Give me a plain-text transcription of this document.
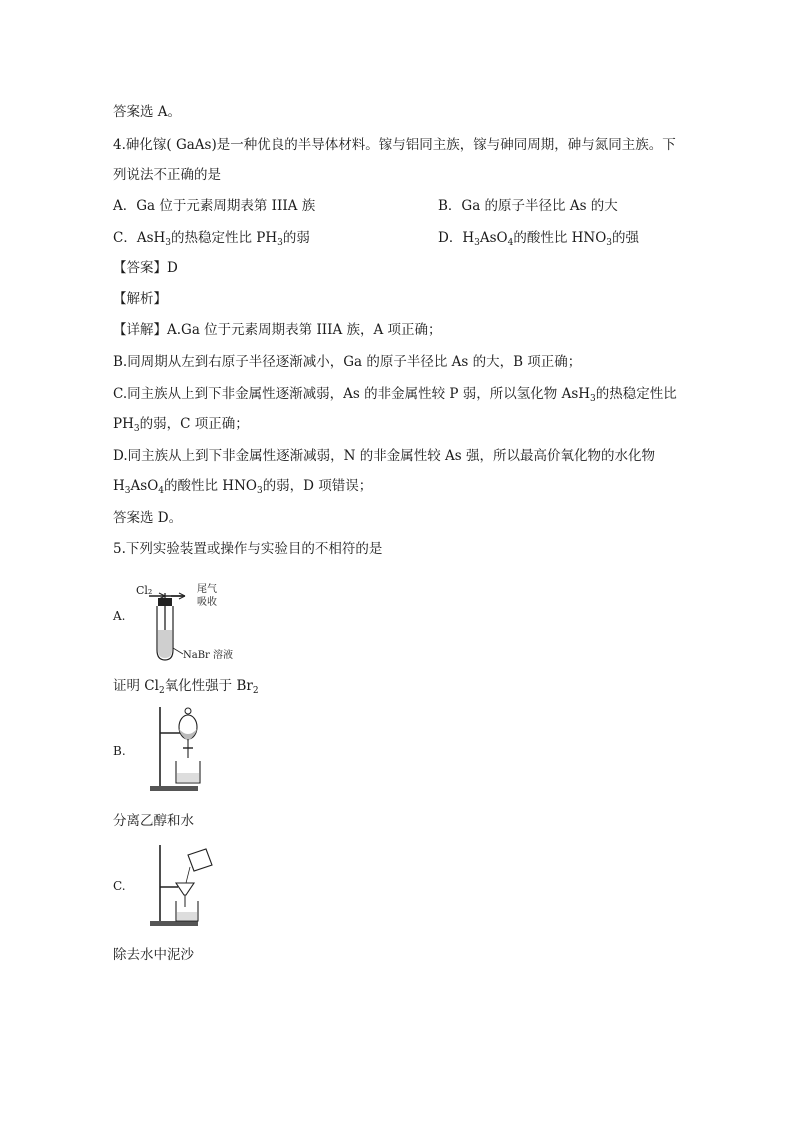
答案选 A。
4.砷化镓( GaAs)是一种优良的半导体材料。镓与铝同主族，镓与砷同周期，砷与氮同主族。下
列说法不正确的是
A．Ga 位于元素周期表第 IIIA 族	B．Ga 的原子半径比 As 的大
C．AsH$_3$的热稳定性比 $PH_3$的弱	D．$H_3AsO_4$的酸性比 $HNO_3$的强
【答案】D
【解析】
【详解】A.Ga 位于元素周期表第 IIIA 族，A 项正确；
B.同周期从左到右原子半径逐渐减小，Ga 的原子半径比 As 的大，B 项正确；
C.同主族从上到下非金属性逐渐减弱，As 的非金属性较 P 弱，所以氢化物 AsH$_3$的热稳定性比
$PH_3$的弱，C 项正确；
D.同主族从上到下非金属性逐渐减弱，N 的非金属性较 As 强，所以最高价氧化物的水化物
$H_3AsO_4$的酸性比 $HNO_3$的弱，D 项错误；
答案选 D。
5.下列实验装置或操作与实验目的不相符的是
A.
Cl₂	尾气
吸收
NaBr 溶液
证明 $Cl_2$氧化性强于 $Br_2$
B.
分离乙醇和水
C.
除去水中泥沙
